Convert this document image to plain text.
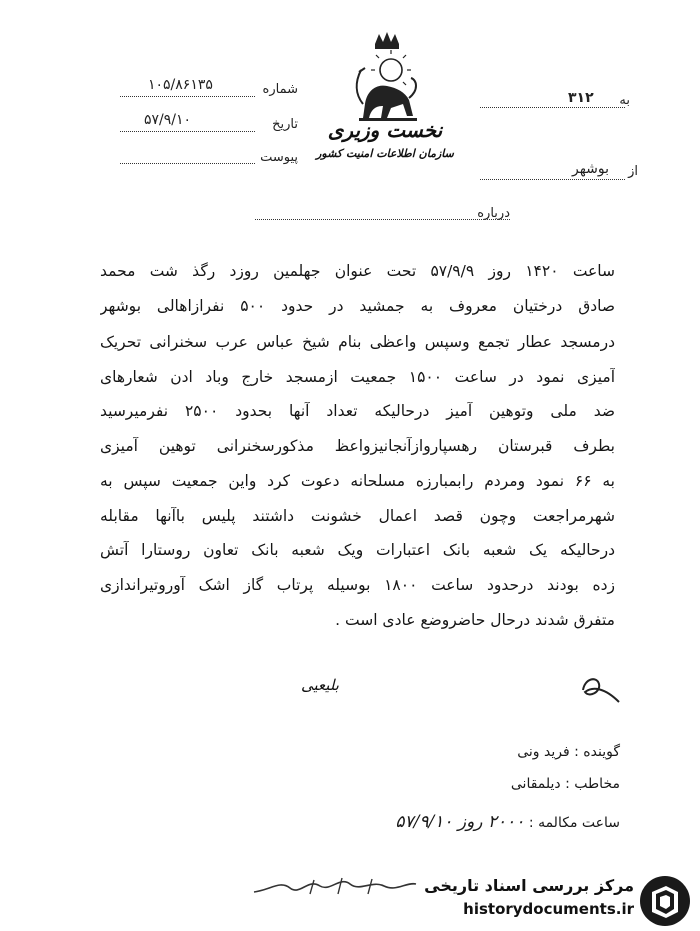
نخست وزیری
سازمان اطلاعات امنیت کشور
به
۳۱۲
از
بوشهر
درباره
شماره
۱۰۵/۸۶۱۳۵
تاریخ
۵۷/۹/۱۰
پیوست
ساعت ۱۴۲۰ روز ۵۷/۹/۹ تحت عنوان جهلمین روزد رگذ شت محمد
صادق درختیان معروف به جمشید در حدود ۵۰۰ نفرازاهالی بوشهر
درمسجد عطار تجمع وسپس واعظی بنام شیخ عباس عرب سخنرانی تحریک
آمیزی نمود در ساعت ۱۵۰۰ جمعیت ازمسجد خارج وباد ادن شعارهای
ضد ملی وتوهین آمیز درحالیکه تعداد آنها بحدود ۲۵۰۰ نفرمیرسید
بطرف قبرستان رهسپاروازآنجانیزواعظ مذکورسخنرانی توهین آمیزی
به ۶۶ نمود ومردم رابمبارزه مسلحانه دعوت کرد واین جمعیت سپس به
شهرمراجعت وچون قصد اعمال خشونت داشتند پلیس باآنها مقابله
درحالیکه یک شعبه بانک اعتبارات ویک شعبه بانک تعاون روستارا آتش
زده بودند درحدود ساعت ۱۸۰۰ بوسیله پرتاب گاز اشک آوروتیراندازی
متفرق شدند درحال حاضروضع عادی است .
بلیعیی
گوینده : فرید ونی
مخاطب : دیلمقانی
ساعت مکالمه : ۲۰۰۰ روز ۵۷/۹/۱۰
مرکز بررسی اسناد تاریخی
historydocuments.ir
